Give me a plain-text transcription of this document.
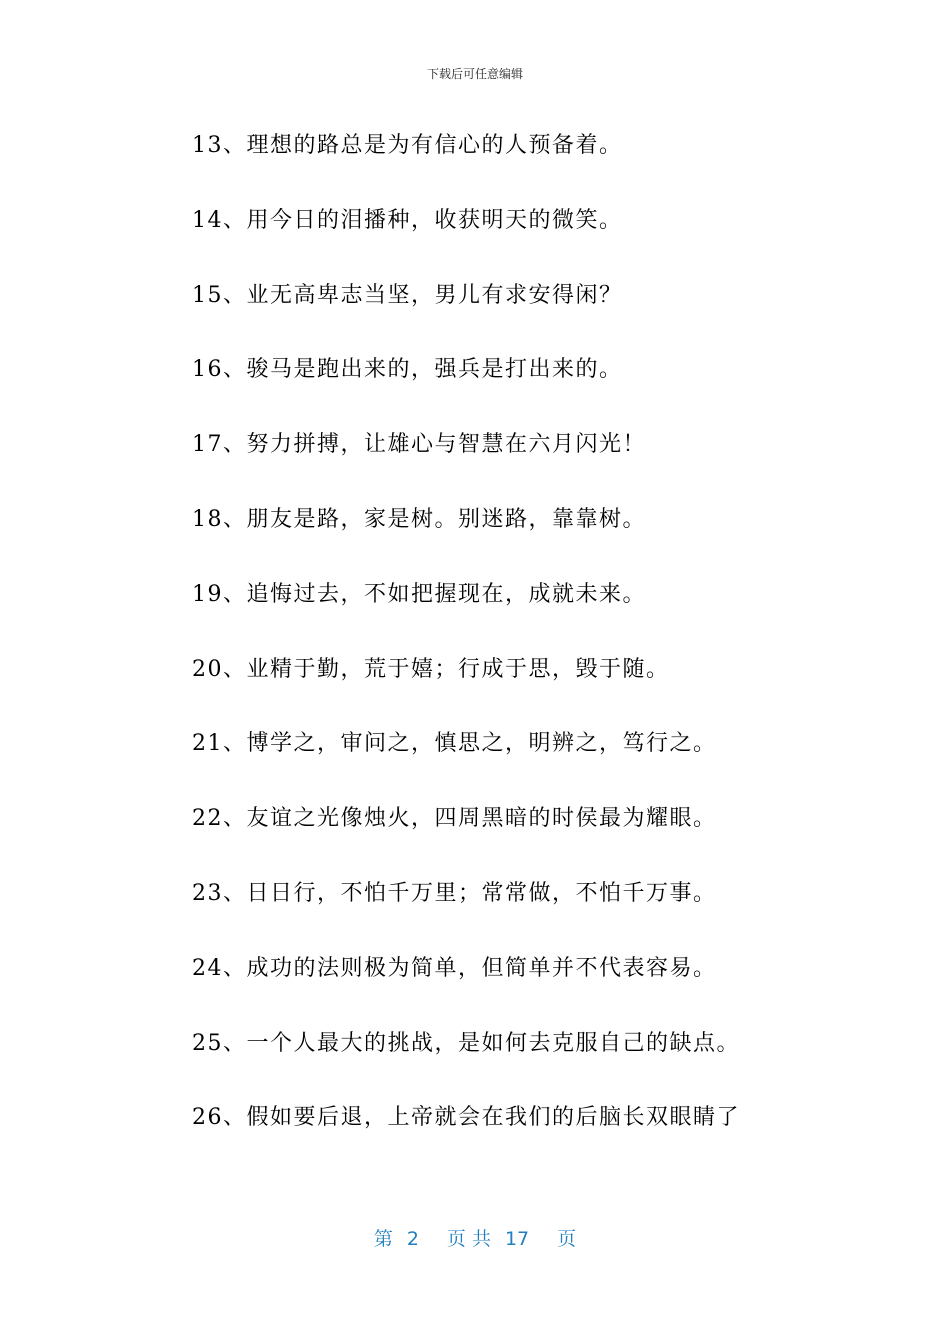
下载后可任意编辑
13、理想的路总是为有信心的人预备着。
14、用今日的泪播种，收获明天的微笑。
15、业无高卑志当坚，男儿有求安得闲？
16、骏马是跑出来的，强兵是打出来的。
17、努力拼搏，让雄心与智慧在六月闪光！
18、朋友是路，家是树。别迷路，靠靠树。
19、追悔过去，不如把握现在，成就未来。
20、业精于勤，荒于嬉；行成于思，毁于随。
21、博学之，审问之，慎思之，明辨之，笃行之。
22、友谊之光像烛火，四周黑暗的时侯最为耀眼。
23、日日行，不怕千万里；常常做，不怕千万事。
24、成功的法则极为简单，但简单并不代表容易。
25、一个人最大的挑战，是如何去克服自己的缺点。
26、假如要后退，上帝就会在我们的后脑长双眼睛了
第 2 页 共 17 页
